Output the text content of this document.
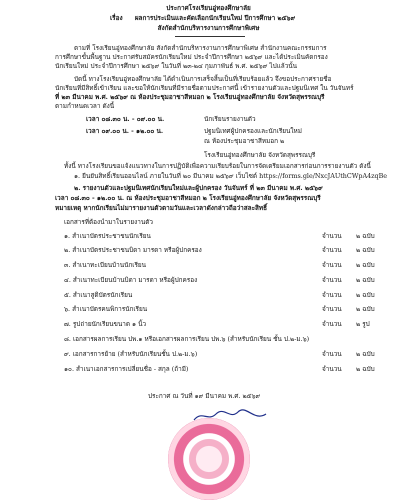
ประกาศโรงเรียนอู่ทองศึกษาลัย
เรื่อง ผลการประเมินและคัดเลือกนักเรียนใหม่ ปีการศึกษา ๒๕๖๙
สังกัดสำนักบริหารงานการศึกษาพิเศษ
ตามที่ โรงเรียนอู่ทองศึกษาลัย สังกัดสำนักบริหารงานการศึกษาพิเศษ สำนักงานคณะกรรมการ
การศึกษาขั้นพื้นฐาน ประกาศรับสมัครนักเรียนใหม่ ประจำปีการศึกษา ๒๕๖๙ และได้ประเมินคัดกรอง
นักเรียนใหม่ ประจำปีการศึกษา ๒๕๖๙ ในวันที่ ๒๓-๒๔ กุมภาพันธ์ พ.ศ. ๒๕๖๙ ไปแล้วนั้น
บัดนี้ ทางโรงเรียนอู่ทองศึกษาลัย ได้ดำเนินการเสร็จสิ้นเป็นที่เรียบร้อยแล้ว จึงขอประกาศรายชื่อ
นักเรียนที่มีสิทธิ์เข้าเรียน และขอให้นักเรียนที่มีรายชื่อตามประกาศนี้ เข้ารายงานตัวและปฐมนิเทศ ใน วันจันทร์
ที่ ๒๓ มีนาคม พ.ศ. ๒๕๖๙ ณ ห้องประชุมอาชาสีหมอก ๒ โรงเรียนอู่ทองศึกษาลัย จังหวัดสุพรรณบุรี
ตามกำหนดเวลา ดังนี้
เวลา ๐๘.๓๐ น. - ๐๙.๐๐ น.	นักเรียนรายงานตัว
เวลา ๐๙.๐๐ น. - ๑๒.๐๐ น.	ปฐมนิเทศผู้ปกครองและนักเรียนใหม่
ณ ห้องประชุมอาชาสีหมอก ๒
โรงเรียนอู่ทองศึกษาลัย จังหวัดสุพรรณบุรี
ทั้งนี้ ทางโรงเรียนขอแจ้งแนวทางในการปฏิบัติเพื่อความเรียบร้อยในการจัดเตรียมเอกสารก่อนการรายงานตัว ดังนี้
๑. ยืนยันสิทธิ์เรียนออนไลน์ ภายในวันที่ ๒๐ มีนาคม ๒๕๖๙ เว็บไซต์ https://forms.gle/NxcJAUthCWpA4zqBe
๒. รายงานตัวและปฐมนิเทศนักเรียนใหม่และผู้ปกครอง วันจันทร์ ที่ ๒๓ มีนาคม พ.ศ. ๒๕๖๙
เวลา ๐๘.๓๐ - ๑๒.๐๐ น. ณ ห้องประชุมอาชาสีหมอก ๒ โรงเรียนอู่ทองศึกษาลัย จังหวัดสุพรรณบุรี
หมายเหตุ หากนักเรียนไม่มารายงานตัวตามวันและเวลาดังกล่าวถือว่าสละสิทธิ์
เอกสารที่ต้องนำมาในรายงานตัว
๑. สำเนาบัตรประชาชนนักเรียน	จำนวน ๒ ฉบับ
๒. สำเนาบัตรประชาชนบิดา มารดา หรือผู้ปกครอง	จำนวน ๒ ฉบับ
๓. สำเนาทะเบียนบ้านนักเรียน	จำนวน ๒ ฉบับ
๔. สำเนาทะเบียนบ้านบิดา มารดา หรือผู้ปกครอง	จำนวน ๒ ฉบับ
๕. สำเนาสูติบัตรนักเรียน	จำนวน ๒ ฉบับ
๖. สำเนาบัตรคนพิการนักเรียน	จำนวน ๒ ฉบับ
๗. รูปถ่ายนักเรียนขนาด ๑ นิ้ว	จำนวน ๒ รูป
๘. เอกสารผลการเรียน ปพ.๑ หรือเอกสารผลการเรียน ปพ.๖ (สำหรับนักเรียน ชั้น ป.๒-ม.๖)
๙. เอกสารการย้าย (สำหรับนักเรียนชั้น ป.๒-ม.๖)	จำนวน ๒ ฉบับ
๑๐. สำเนาเอกสารการเปลี่ยนชื่อ - สกุล (ถ้ามี)	จำนวน ๒ ฉบับ
ประกาศ ณ วันที่ ๑๙ มีนาคม พ.ศ. ๒๕๖๙
